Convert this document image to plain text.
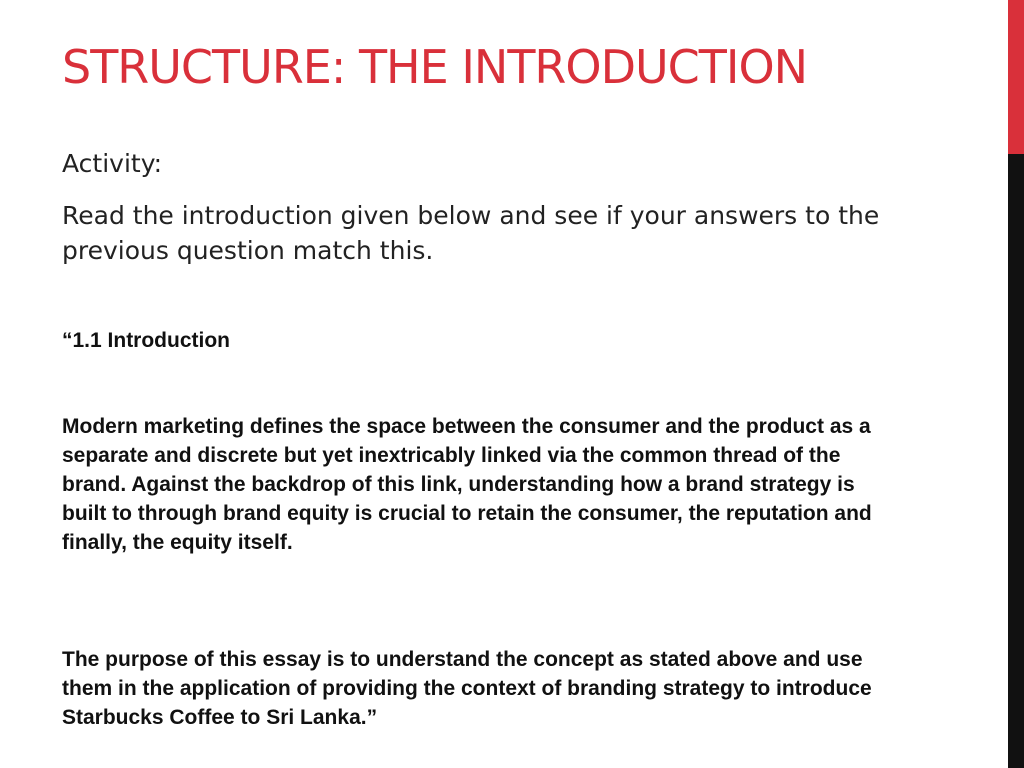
STRUCTURE: THE INTRODUCTION

Activity:

Read the introduction given below and see if your answers to the previous question match this.

“1.1 Introduction

Modern marketing defines the space between the consumer and the product as a separate and discrete but yet inextricably linked via the common thread of the brand. Against the backdrop of this link, understanding how a brand strategy is built to through brand equity is crucial to retain the consumer, the reputation and finally, the equity itself.

The purpose of this essay is to understand the concept as stated above and use them in the application of providing the context of branding strategy to introduce Starbucks Coffee to Sri Lanka.”
